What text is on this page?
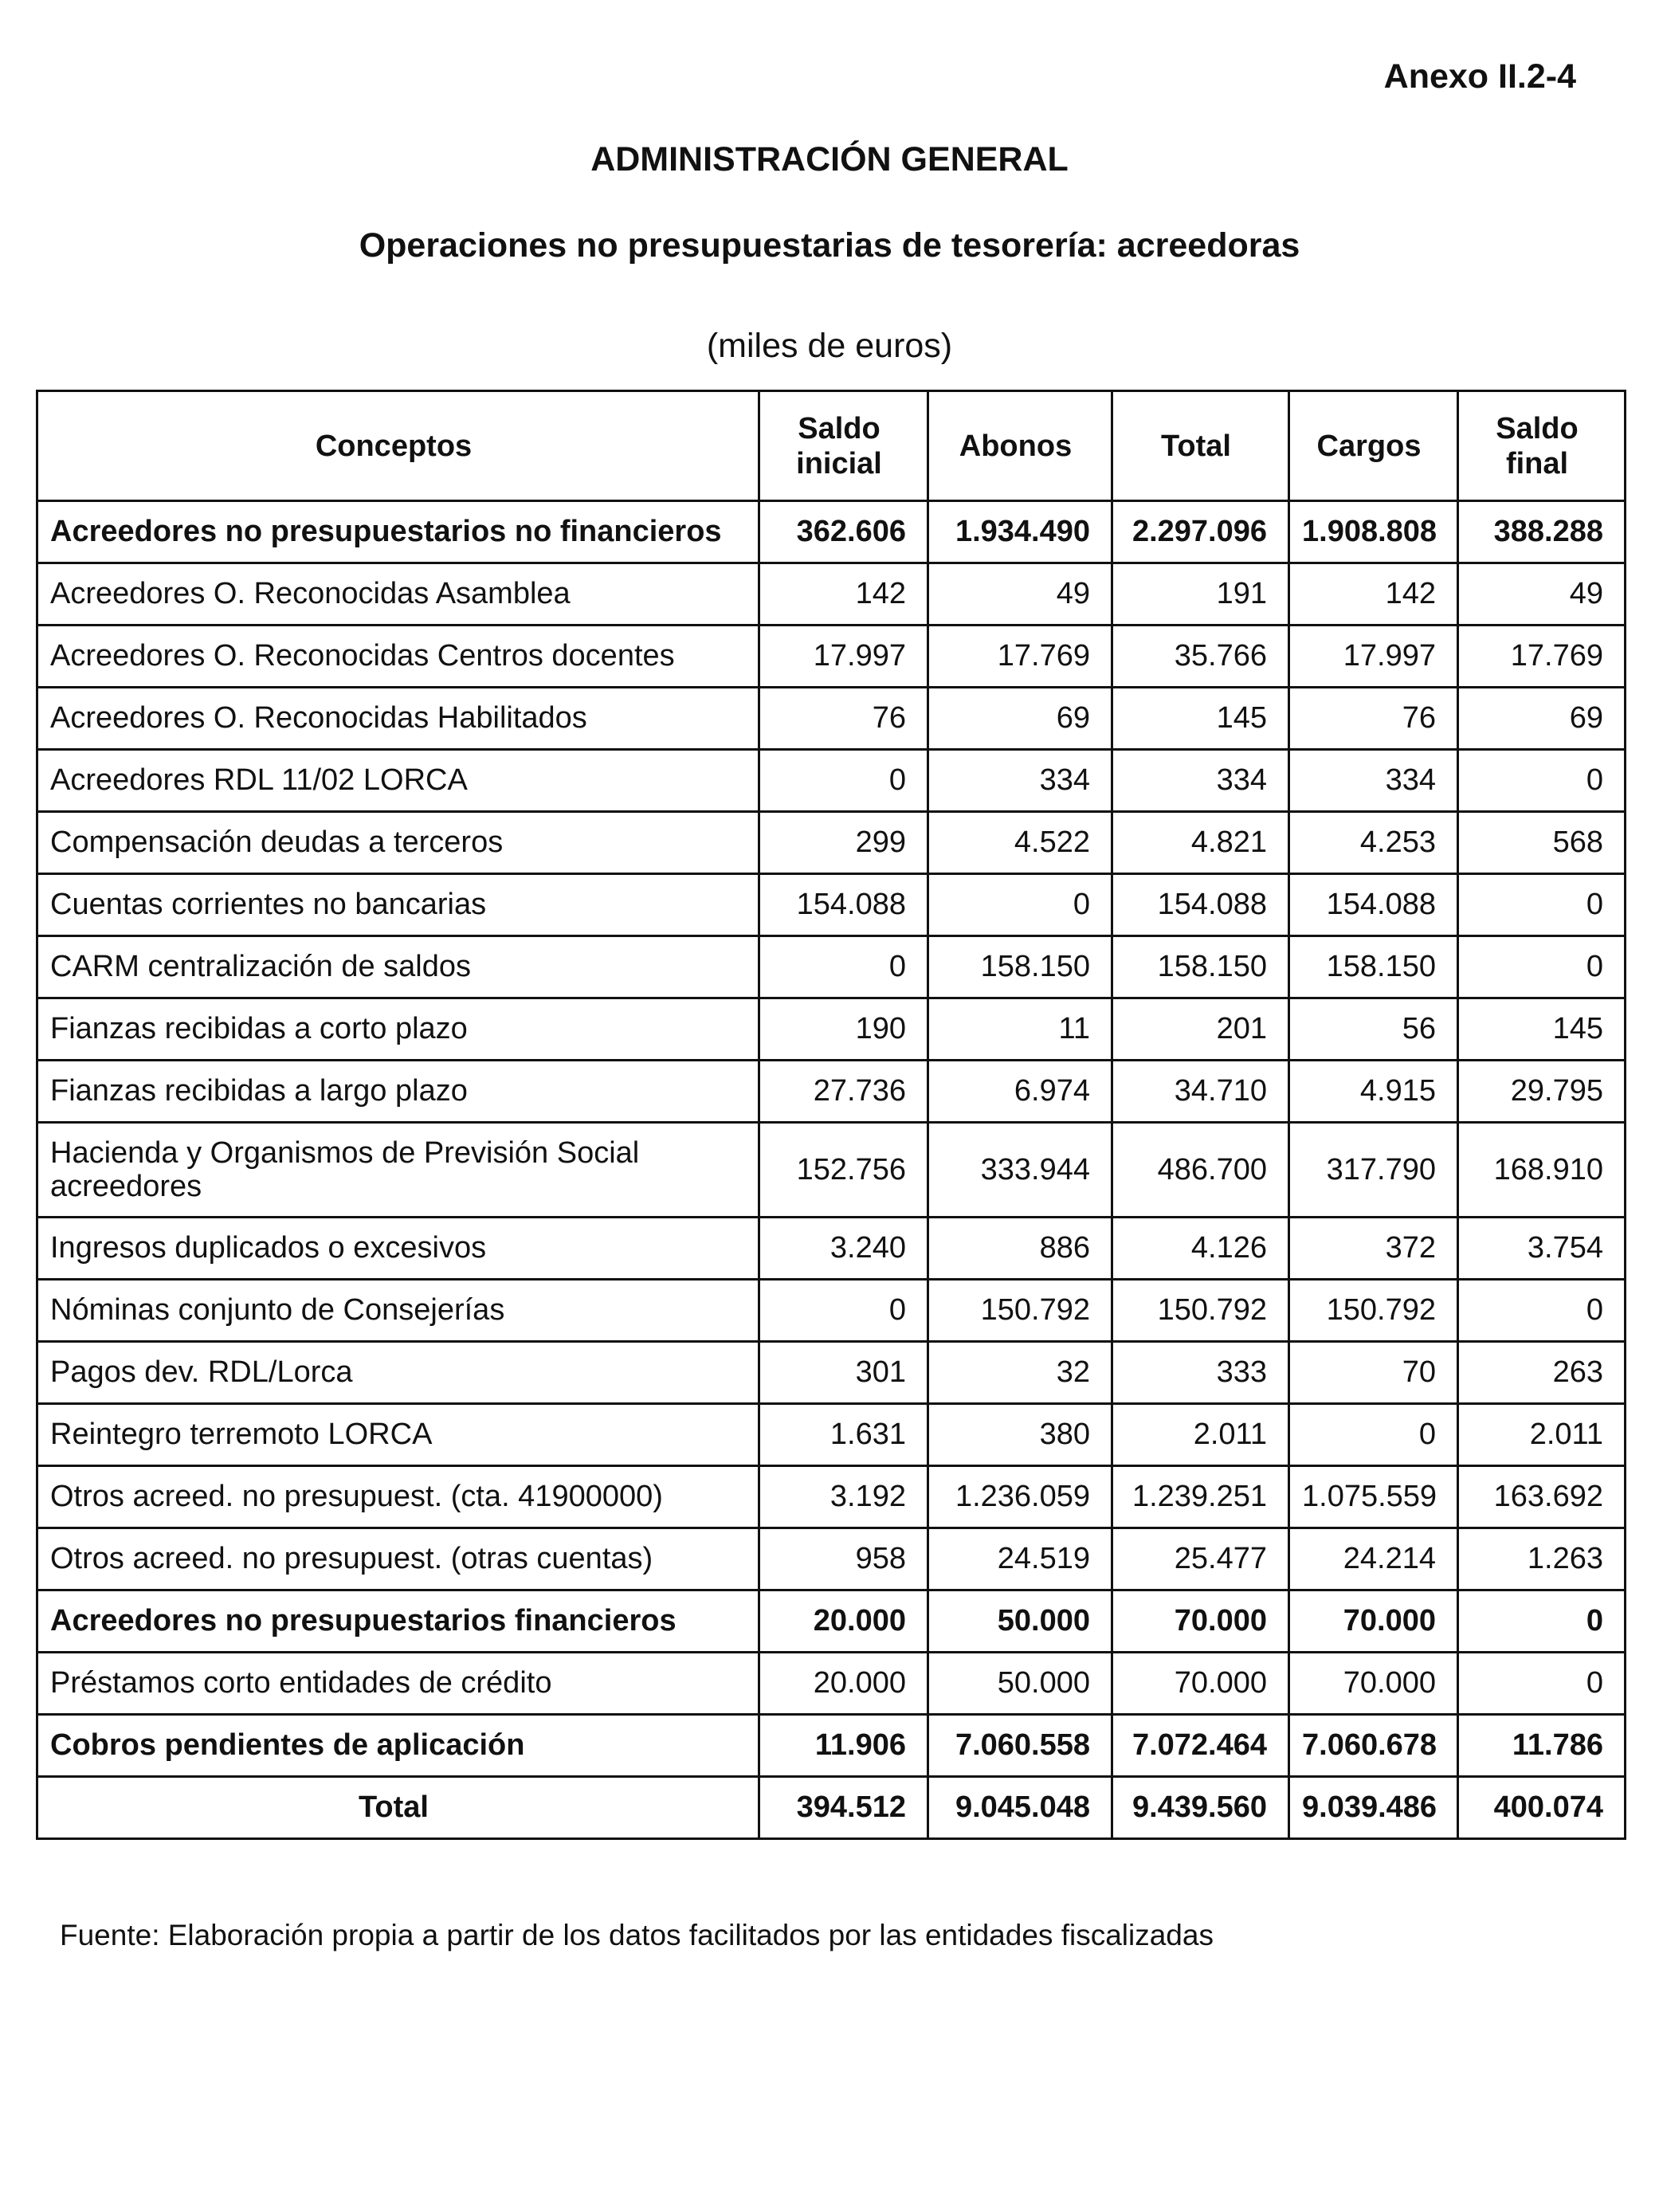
Anexo II.2-4
ADMINISTRACIÓN GENERAL
Operaciones no presupuestarias de tesorería: acreedoras
(miles de euros)
Conceptos	Saldo inicial	Abonos	Total	Cargos	Saldo final
Acreedores no presupuestarios no financieros	362.606	1.934.490	2.297.096	1.908.808	388.288
Acreedores O. Reconocidas Asamblea	142	49	191	142	49
Acreedores O. Reconocidas Centros docentes	17.997	17.769	35.766	17.997	17.769
Acreedores O. Reconocidas Habilitados	76	69	145	76	69
Acreedores RDL 11/02 LORCA	0	334	334	334	0
Compensación deudas a terceros	299	4.522	4.821	4.253	568
Cuentas corrientes no bancarias	154.088	0	154.088	154.088	0
CARM centralización de saldos	0	158.150	158.150	158.150	0
Fianzas recibidas a corto plazo	190	11	201	56	145
Fianzas recibidas a largo plazo	27.736	6.974	34.710	4.915	29.795
Hacienda y Organismos de Previsión Social acreedores	152.756	333.944	486.700	317.790	168.910
Ingresos duplicados o excesivos	3.240	886	4.126	372	3.754
Nóminas conjunto de Consejerías	0	150.792	150.792	150.792	0
Pagos dev. RDL/Lorca	301	32	333	70	263
Reintegro terremoto LORCA	1.631	380	2.011	0	2.011
Otros acreed. no presupuest. (cta. 41900000)	3.192	1.236.059	1.239.251	1.075.559	163.692
Otros acreed. no presupuest. (otras cuentas)	958	24.519	25.477	24.214	1.263
Acreedores no presupuestarios financieros	20.000	50.000	70.000	70.000	0
Préstamos corto entidades de crédito	20.000	50.000	70.000	70.000	0
Cobros pendientes de aplicación	11.906	7.060.558	7.072.464	7.060.678	11.786
Total	394.512	9.045.048	9.439.560	9.039.486	400.074
Fuente: Elaboración propia a partir de los datos facilitados por las entidades fiscalizadas
